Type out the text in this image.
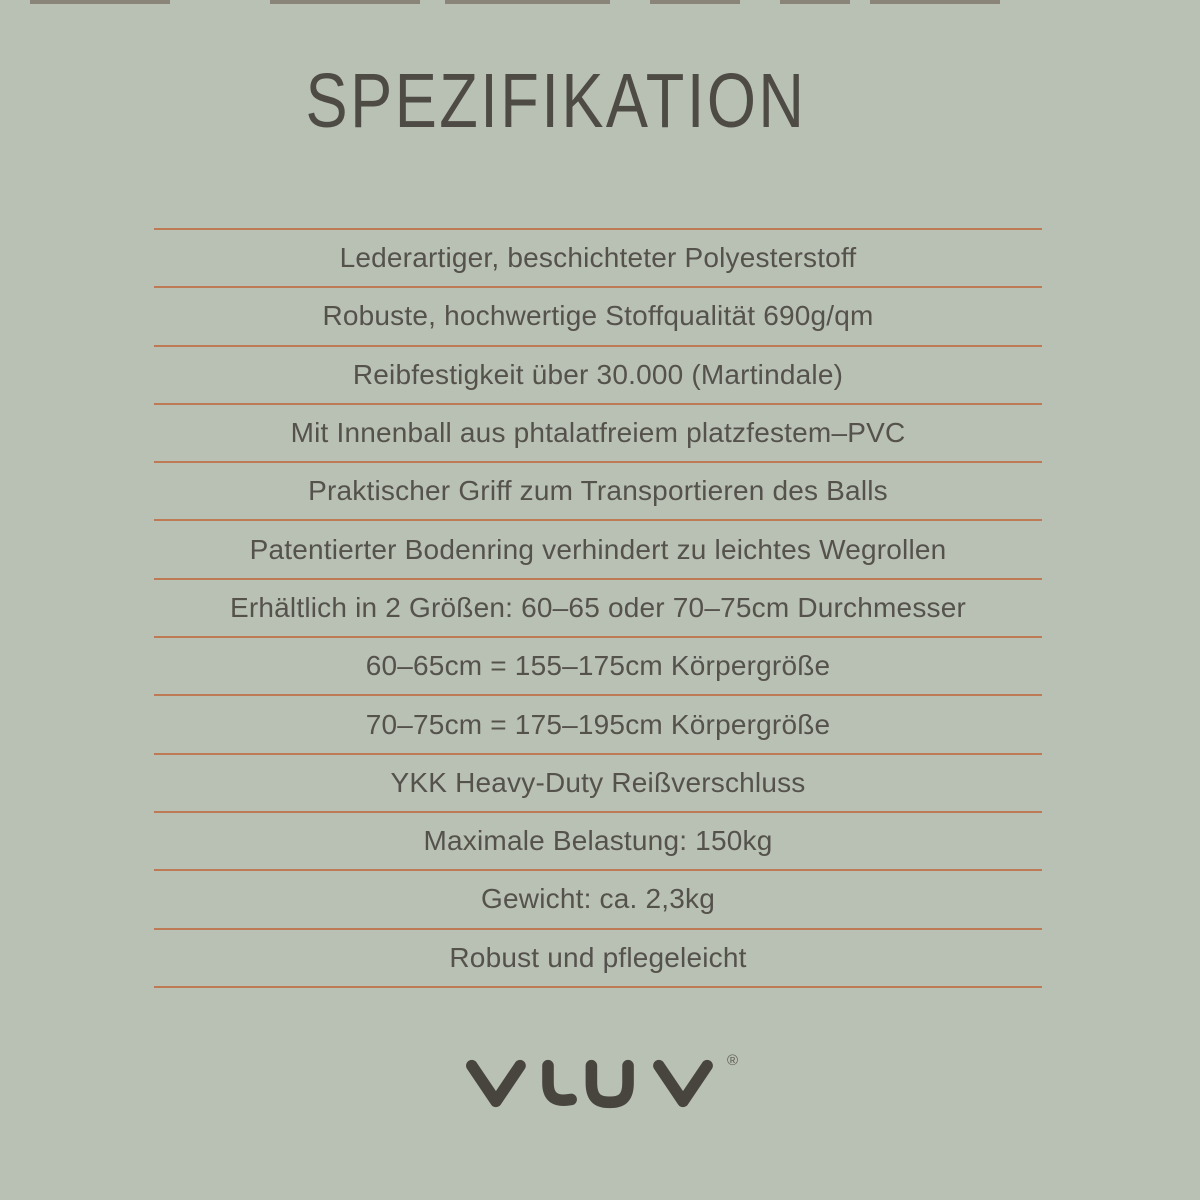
SPEZIFIKATION
Lederartiger, beschichteter Polyesterstoff
Robuste, hochwertige Stoffqualität 690g/qm
Reibfestigkeit über 30.000 (Martindale)
Mit Innenball aus phtalatfreiem platzfestem–PVC
Praktischer Griff zum Transportieren des Balls
Patentierter Bodenring verhindert zu leichtes Wegrollen
Erhältlich in 2 Größen: 60–65 oder 70–75cm Durchmesser
60–65cm = 155–175cm Körpergröße
70–75cm = 175–195cm Körpergröße
YKK Heavy-Duty Reißverschluss
Maximale Belastung: 150kg
Gewicht: ca. 2,3kg
Robust und pflegeleicht
®
